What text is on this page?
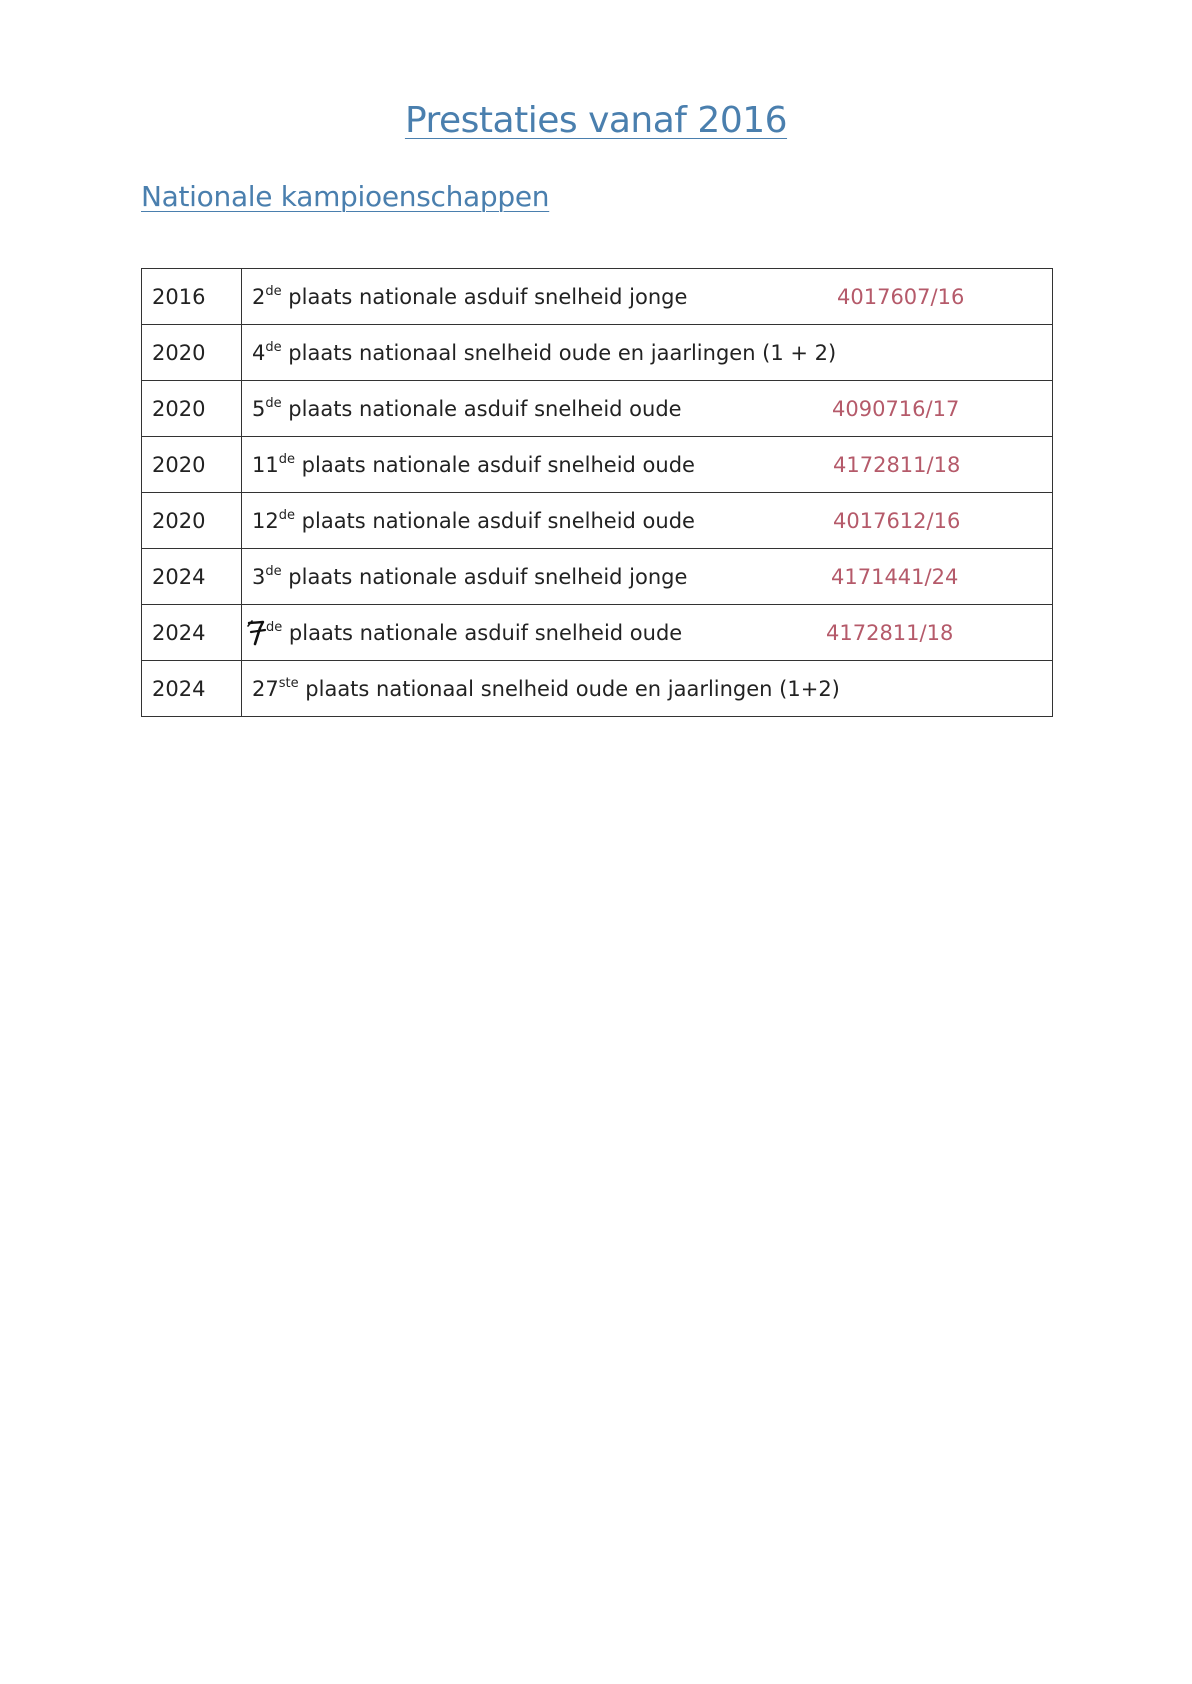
Prestaties vanaf 2016
Nationale kampioenschappen
2016	2de plaats nationale asduif snelheid jonge 4017607/16

2020	4de plaats nationaal snelheid oude en jaarlingen (1 + 2)
2020	5de plaats nationale asduif snelheid oude 4090716/17

2020	11de plaats nationale asduif snelheid oude 4172811/18

2020	12de plaats nationale asduif snelheid oude 4017612/16

2024	3de plaats nationale asduif snelheid jonge 4171441/24

2024	$^{de}$ plaats nationale asduif snelheid oude 4172811/18

2024	27ste plaats nationaal snelheid oude en jaarlingen (1+2)
